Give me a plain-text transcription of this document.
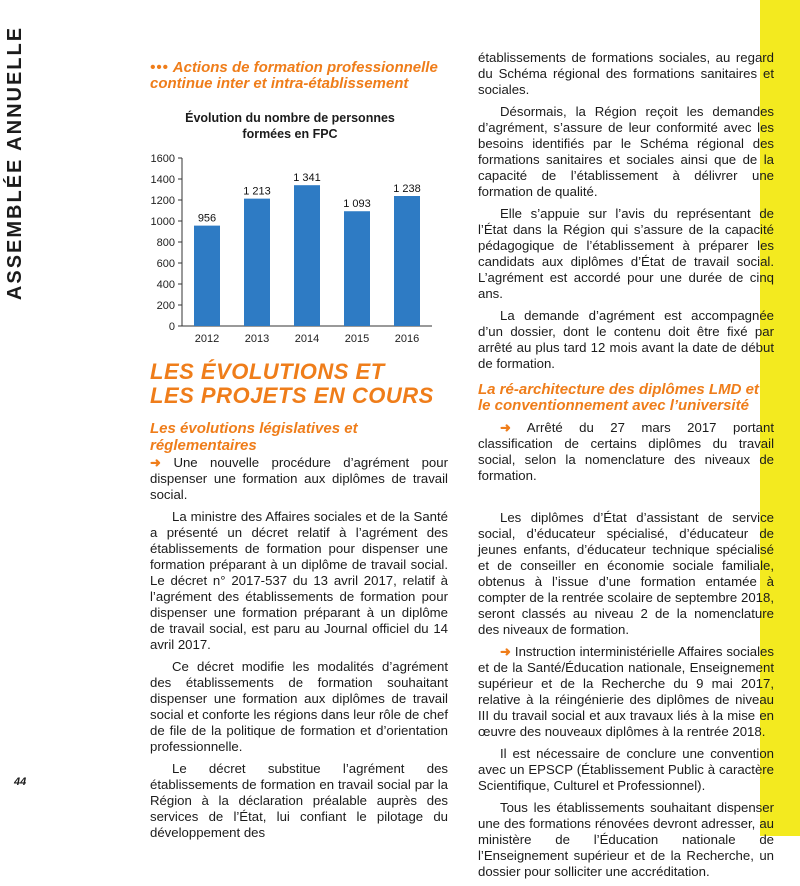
ASSEMBLÉE ANNUELLE
44
••• Actions de formation professionnelle
continue inter et intra-établissement
Évolution du nombre de personnes formées en FPC
0
200
400
600
800
1000
1200
1400
1600
956
2012
1 213
2013
1 341
2014
1 093
2015
1 238
2016
LES ÉVOLUTIONS ET
LES PROJETS EN COURS
Les évolutions législatives et
réglementaires

➜ Une nouvelle procédure d’agrément pour dispenser une formation aux diplômes de travail social.

La ministre des Affaires sociales et de la Santé a présenté un décret relatif à l’agrément des établissements de formation pour dispenser une formation préparant à un diplôme de travail social. Le décret n° 2017-537 du 13 avril 2017, relatif à l’agrément des établissements de formation pour dispenser une formation préparant à un diplôme de travail social, est paru au Journal officiel du 14 avril 2017.

Ce décret modifie les modalités d’agrément des établissements de formation souhaitant dispenser une formation aux diplômes de travail social et conforte les régions dans leur rôle de chef de file de la politique de formation et d’orientation professionnelle.

Le décret substitue l’agrément des établissements de formation en travail social par la Région à la déclaration préalable auprès des services de l’État, lui confiant le pilotage du développement des

établissements de formations sociales, au regard du Schéma régional des formations sanitaires et sociales.

Désormais, la Région reçoit les demandes d’agrément, s’assure de leur conformité avec les besoins identifiés par le Schéma régional des formations sanitaires et sociales ainsi que de la capacité de l’établissement à délivrer une formation de qualité.

Elle s’appuie sur l’avis du représentant de l’État dans la Région qui s’assure de la capacité pédagogique de l’établissement à préparer les candidats aux diplômes d’État de travail social. L’agrément est accordé pour une durée de cinq ans.

La demande d’agrément est accompagnée d’un dossier, dont le contenu doit être fixé par arrêté au plus tard 12 mois avant la date de début de formation.

La ré-architecture des diplômes LMD et
le conventionnement avec l’université

➜ Arrêté du 27 mars 2017 portant classification de certains diplômes du travail social, selon la nomenclature des niveaux de formation.

Les diplômes d’État d’assistant de service social, d’éducateur spécialisé, d’éducateur de jeunes enfants, d’éducateur technique spécialisé et de conseiller en économie sociale familiale, obtenus à l’issue d’une formation entamée à compter de la rentrée scolaire de septembre 2018, seront classés au niveau 2 de la nomenclature des niveaux de formation.

➜ Instruction interministérielle Affaires sociales et de la Santé/Éducation nationale, Enseignement supérieur et de la Recherche du 9 mai 2017, relative à la réingénierie des diplômes de niveau III du travail social et aux travaux liés à la mise en œuvre des nouveaux diplômes à la rentrée 2018.

Il est nécessaire de conclure une convention avec un EPSCP (Établissement Public à caractère Scientifique, Culturel et Professionnel).

Tous les établissements souhaitant dispenser une des formations rénovées devront adresser, au ministère de l’Éducation nationale de l’Enseignement supérieur et de la Recherche, un dossier pour solliciter une accréditation.
